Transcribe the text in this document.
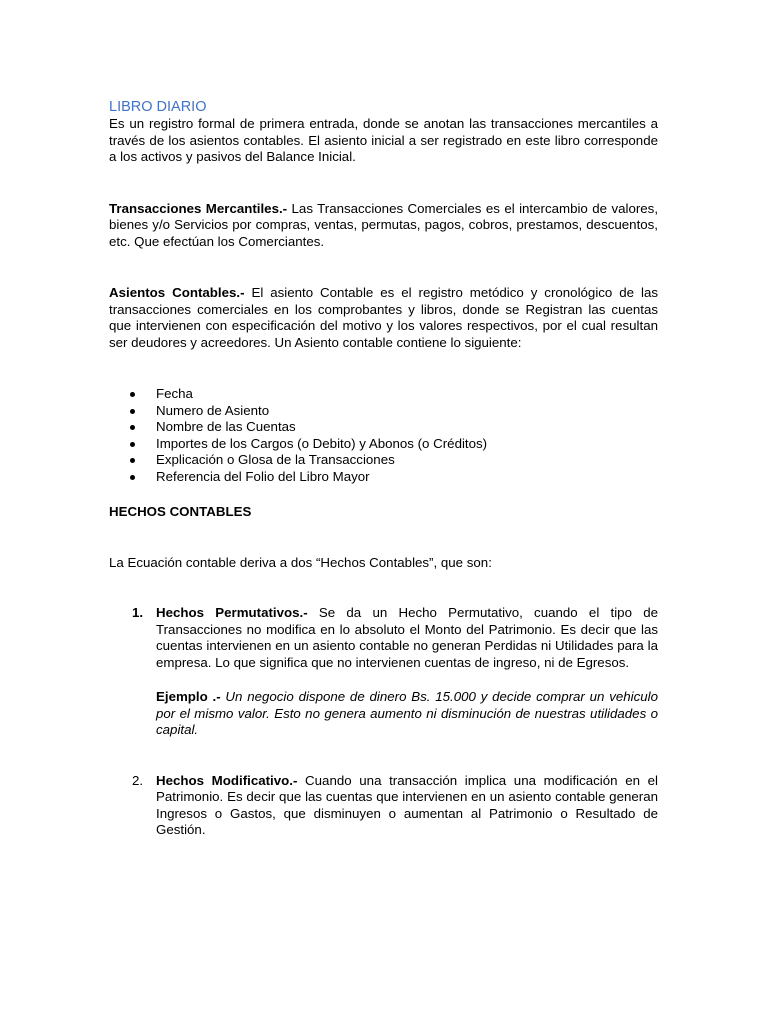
LIBRO DIARIO

Es un registro formal de primera entrada, donde se anotan las transacciones mercantiles a través de los asientos contables. El asiento inicial a ser registrado en este libro corresponde a los activos y pasivos del Balance Inicial.

Transacciones Mercantiles.- Las Transacciones Comerciales es el intercambio de valores, bienes y/o Servicios por compras, ventas, permutas, pagos, cobros, prestamos, descuentos, etc. Que efectúan los Comerciantes.

Asientos Contables.- El asiento Contable es el registro metódico y cronológico de las transacciones comerciales en los comprobantes y libros, donde se Registran las cuentas que intervienen con especificación del motivo y los valores respectivos, por el cual resultan ser deudores y acreedores. Un Asiento contable contiene lo siguiente:

Fecha
Numero de Asiento
Nombre de las Cuentas
Importes de los Cargos (o Debito) y Abonos (o Créditos)
Explicación o Glosa de la Transacciones
Referencia del Folio del Libro Mayor
HECHOS CONTABLES

La Ecuación contable deriva a dos “Hechos Contables”, que son:

1. Hechos Permutativos.- Se da un Hecho Permutativo, cuando el tipo de Transacciones no modifica en lo absoluto el Monto del Patrimonio. Es decir que las cuentas intervienen en un asiento contable no generan Perdidas ni Utilidades para la empresa. Lo que significa que no intervienen cuentas de ingreso, ni de Egresos.
Ejemplo .- Un negocio dispone de dinero Bs. 15.000 y decide comprar un vehiculo por el mismo valor. Esto no genera aumento ni disminución de nuestras utilidades o capital.
2. Hechos Modificativo.- Cuando una transacción implica una modificación en el Patrimonio. Es decir que las cuentas que intervienen en un asiento contable generan Ingresos o Gastos, que disminuyen o aumentan al Patrimonio o Resultado de Gestión.
